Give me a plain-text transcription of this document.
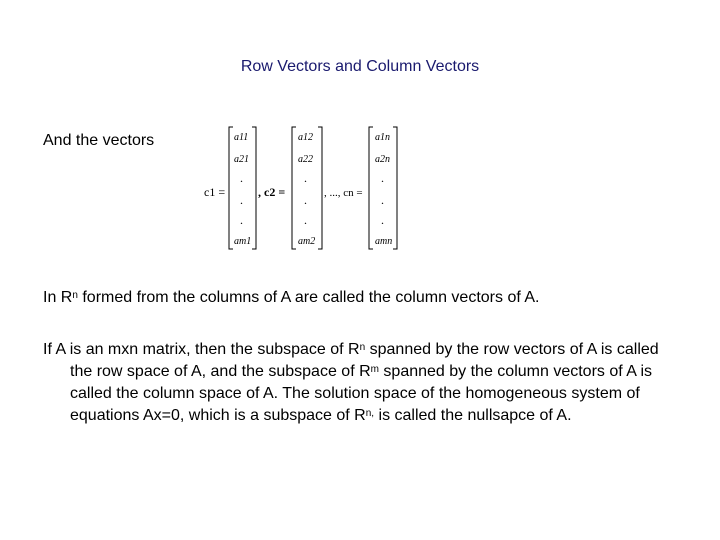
Row Vectors and Column Vectors
And the vectors
c1 =
a11
a21
.
.
.
am1
, c2 =
a12
a22
.
.
.
am2
, ..., cn =
a1n
a2n
.
.
.
amn
In $R^n$ formed from the columns of A are called the column vectors of A.
If A is an mxn matrix, then the subspace of $R^n$ spanned by the row vectors of A is called the row space of A, and the subspace of $R^m$ spanned by the column vectors of A is called the column space of A. The solution space of the homogeneous system of equations Ax=0, which is a subspace of $R^{n,}$ is called the nullsapce of A.
